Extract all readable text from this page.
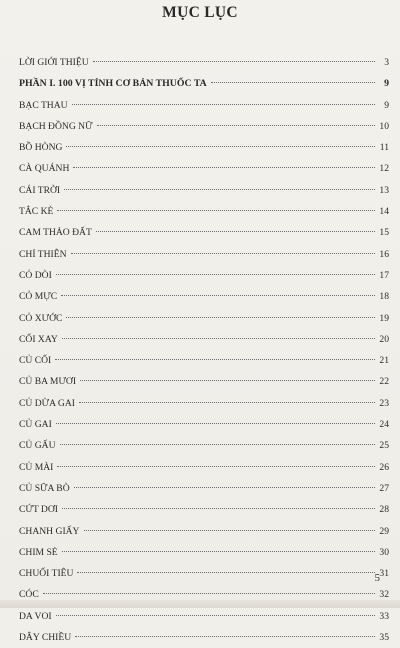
MỤC LỤC
LỜI GIỚI THIỆU	3
PHẦN I. 100 VỊ TỈNH CƠ BẢN THUỐC TA	9
BẠC THAU	9
BẠCH ĐỒNG NỮ	10
BỒ HÒNG	11
CÀ QUÁNH	12
CÁI TRỜI	13
TẮC KÈ	14
CAM THẢO ĐẤT	15
CHỈ THIÊN	16
CỎ DÒI	17
CỎ MỰC	18
CỎ XƯỚC	19
CỐI XAY	20
CỦ CỐI	21
CỦ BA MƯƠI	22
CỦ DỪA GAI	23
CỦ GAI	24
CỦ GẤU	25
CỦ MÀI	26
CỦ SỮA BÒ	27
CỨT DƠI	28
CHANH GIẤY	29
CHIM SẺ	30
CHUỐI TIÊU	31
CÓC	32
DA VOI	33
DÂY CHIỀU	35
5
